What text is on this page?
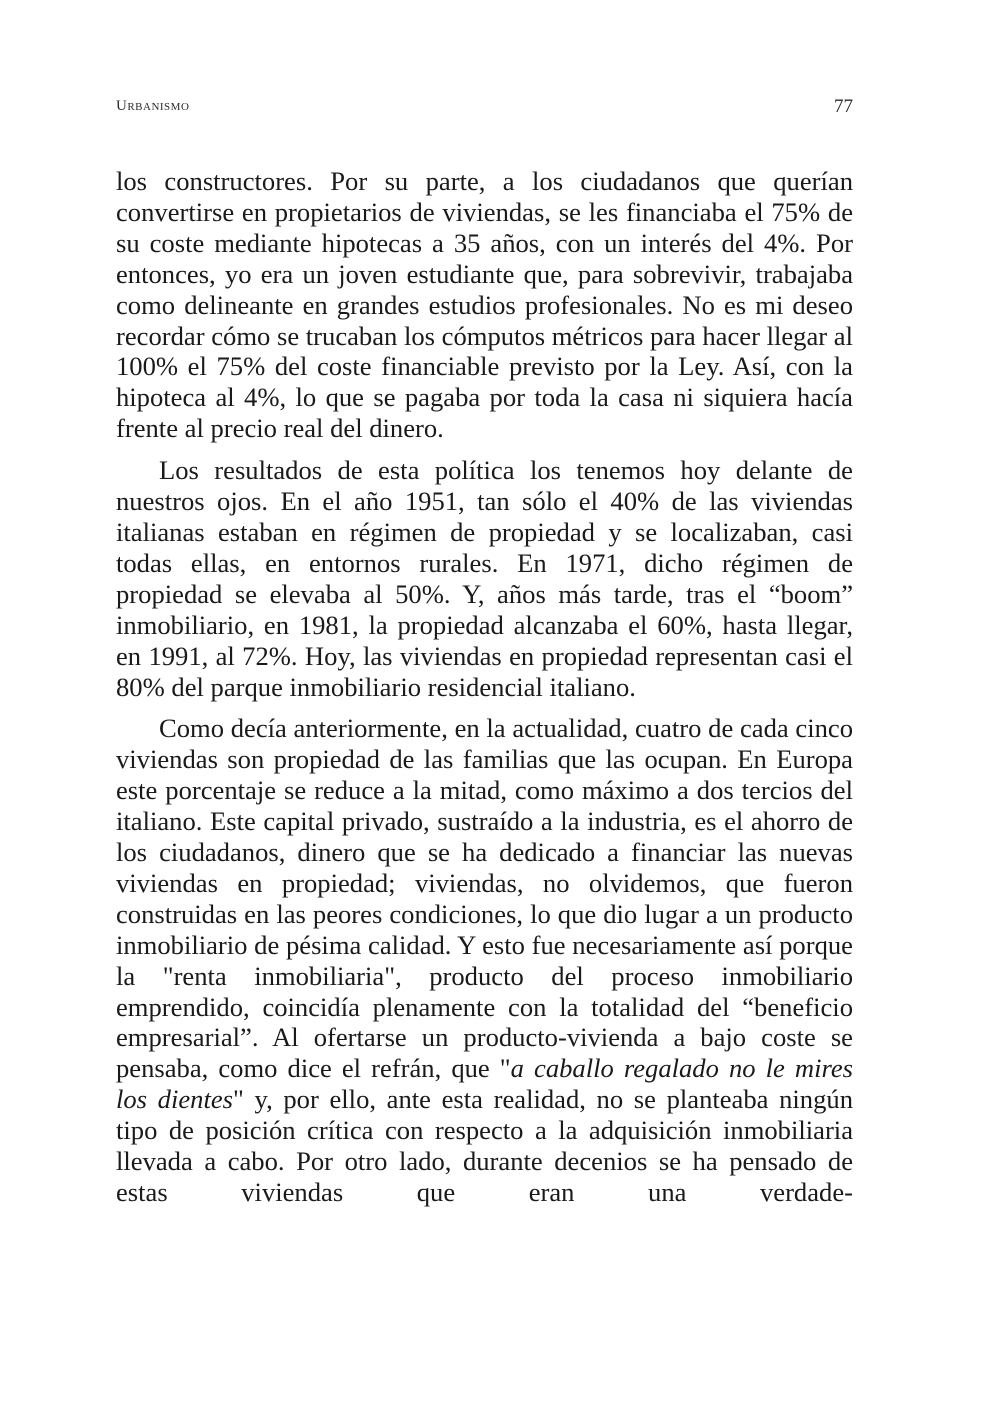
Urbanismo	77

los constructores. Por su parte, a los ciudadanos que querían convertirse en propietarios de viviendas, se les financiaba el 75% de su coste mediante hipotecas a 35 años, con un interés del 4%. Por entonces, yo era un joven estudiante que, para sobrevivir, trabajaba como delineante en grandes estudios profesionales. No es mi deseo recordar cómo se trucaban los cómputos métricos para hacer llegar al 100% el 75% del coste financiable previsto por la Ley. Así, con la hipoteca al 4%, lo que se pagaba por toda la casa ni siquiera hacía frente al precio real del dinero.

Los resultados de esta política los tenemos hoy delante de nuestros ojos. En el año 1951, tan sólo el 40% de las viviendas italianas estaban en régimen de propiedad y se localizaban, casi todas ellas, en entornos rurales. En 1971, dicho régimen de propiedad se elevaba al 50%. Y, años más tarde, tras el “boom” inmobiliario, en 1981, la propiedad alcanzaba el 60%, hasta llegar, en 1991, al 72%. Hoy, las viviendas en propiedad representan casi el 80% del parque inmobiliario residencial italiano.

Como decía anteriormente, en la actualidad, cuatro de cada cinco viviendas son propiedad de las familias que las ocupan. En Europa este porcentaje se reduce a la mitad, como máximo a dos tercios del italiano. Este capital privado, sustraído a la industria, es el ahorro de los ciudadanos, dinero que se ha dedicado a financiar las nuevas viviendas en propiedad; viviendas, no olvidemos, que fueron construidas en las peores condiciones, lo que dio lugar a un producto inmobiliario de pésima calidad. Y esto fue necesariamente así porque la "renta inmobiliaria", producto del proceso inmobiliario emprendido, coincidía plenamente con la totalidad del “beneficio empresarial”. Al ofertarse un producto-vivienda a bajo coste se pensaba, como dice el refrán, que "a caballo regalado no le mires los dientes" y, por ello, ante esta realidad, no se planteaba ningún tipo de posición crítica con respecto a la adquisición inmobiliaria llevada a cabo. Por otro lado, durante decenios se ha pensado de estas viviendas que eran una verdade-
